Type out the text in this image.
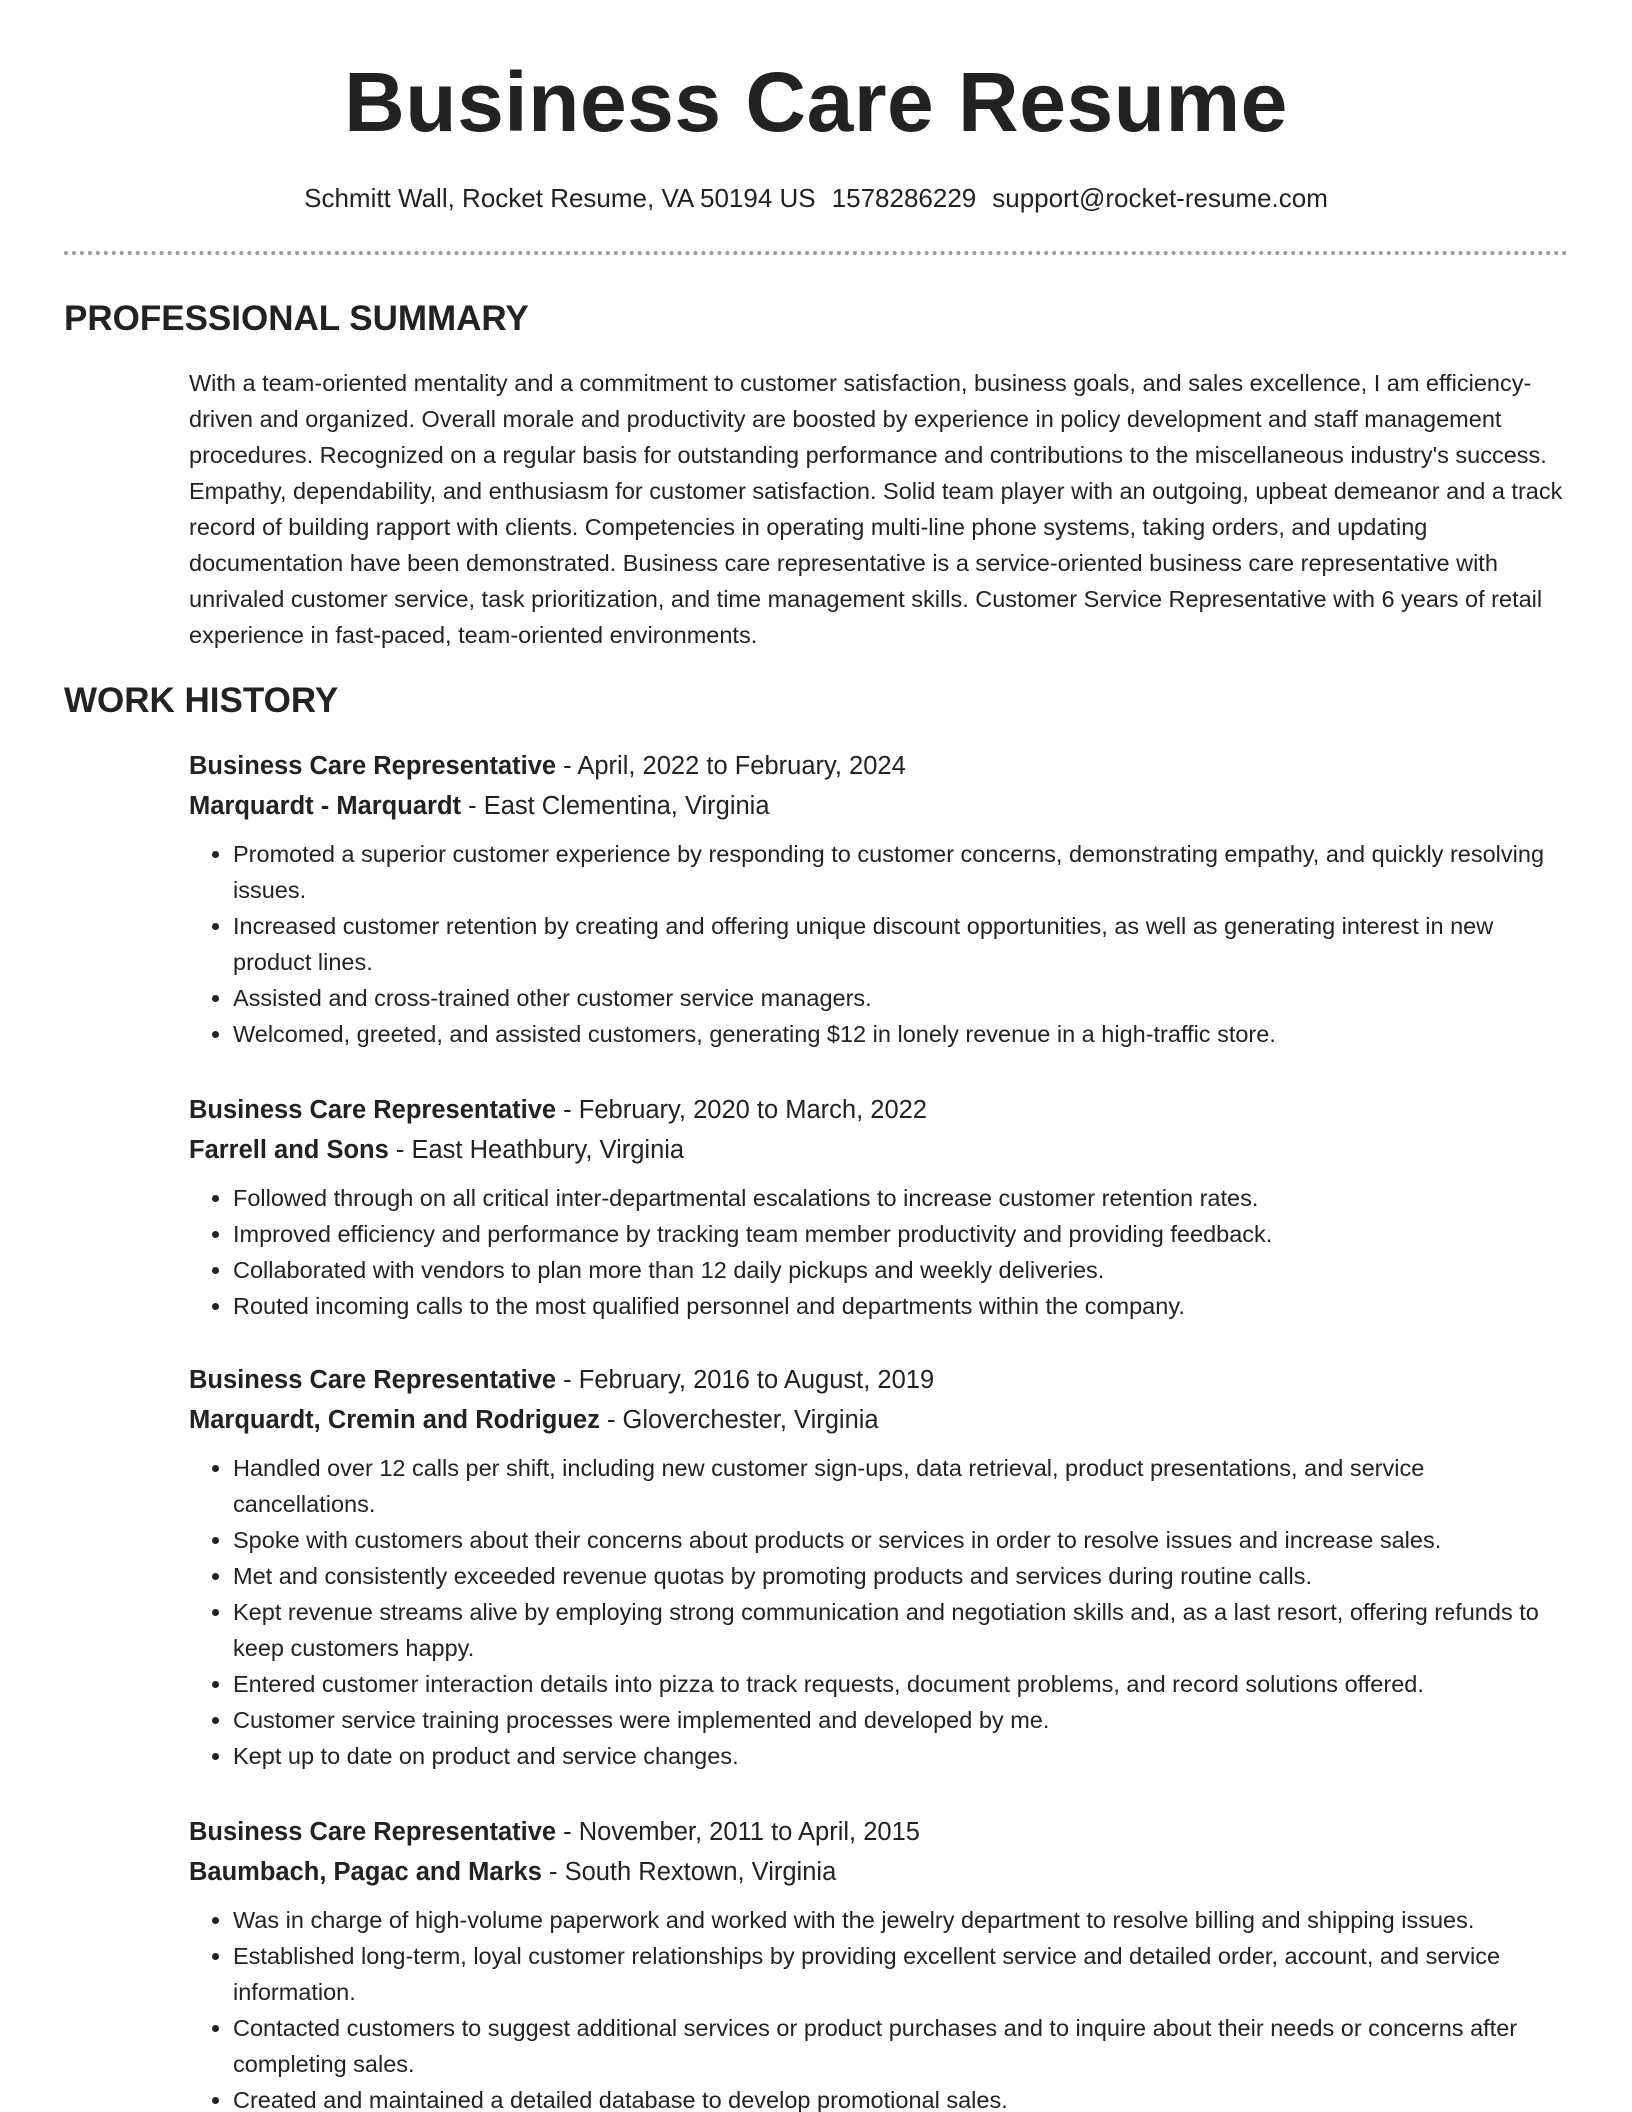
Business Care Resume
Schmitt Wall, Rocket Resume, VA 50194 US 1578286229 support@rocket-resume.com
PROFESSIONAL SUMMARY

With a team-oriented mentality and a commitment to customer satisfaction, business goals, and sales excellence, I am efficiency-driven and organized. Overall morale and productivity are boosted by experience in policy development and staff management procedures. Recognized on a regular basis for outstanding performance and contributions to the miscellaneous industry's success. Empathy, dependability, and enthusiasm for customer satisfaction. Solid team player with an outgoing, upbeat demeanor and a track record of building rapport with clients. Competencies in operating multi-line phone systems, taking orders, and updating documentation have been demonstrated. Business care representative is a service-oriented business care representative with unrivaled customer service, task prioritization, and time management skills. Customer Service Representative with 6 years of retail experience in fast-paced, team-oriented environments.

WORK HISTORY
Business Care Representative - April, 2022 to February, 2024
Marquardt - Marquardt - East Clementina, Virginia
• Promoted a superior customer experience by responding to customer concerns, demonstrating empathy, and quickly resolving issues.
• Increased customer retention by creating and offering unique discount opportunities, as well as generating interest in new product lines.
• Assisted and cross-trained other customer service managers.
• Welcomed, greeted, and assisted customers, generating $12 in lonely revenue in a high-traffic store.
Business Care Representative - February, 2020 to March, 2022
Farrell and Sons - East Heathbury, Virginia
• Followed through on all critical inter-departmental escalations to increase customer retention rates.
• Improved efficiency and performance by tracking team member productivity and providing feedback.
• Collaborated with vendors to plan more than 12 daily pickups and weekly deliveries.
• Routed incoming calls to the most qualified personnel and departments within the company.
Business Care Representative - February, 2016 to August, 2019
Marquardt, Cremin and Rodriguez - Gloverchester, Virginia
• Handled over 12 calls per shift, including new customer sign-ups, data retrieval, product presentations, and service cancellations.
• Spoke with customers about their concerns about products or services in order to resolve issues and increase sales.
• Met and consistently exceeded revenue quotas by promoting products and services during routine calls.
• Kept revenue streams alive by employing strong communication and negotiation skills and, as a last resort, offering refunds to keep customers happy.
• Entered customer interaction details into pizza to track requests, document problems, and record solutions offered.
• Customer service training processes were implemented and developed by me.
• Kept up to date on product and service changes.
Business Care Representative - November, 2011 to April, 2015
Baumbach, Pagac and Marks - South Rextown, Virginia
• Was in charge of high-volume paperwork and worked with the jewelry department to resolve billing and shipping issues.
• Established long-term, loyal customer relationships by providing excellent service and detailed order, account, and service information.
• Contacted customers to suggest additional services or product purchases and to inquire about their needs or concerns after completing sales.
• Created and maintained a detailed database to develop promotional sales.
